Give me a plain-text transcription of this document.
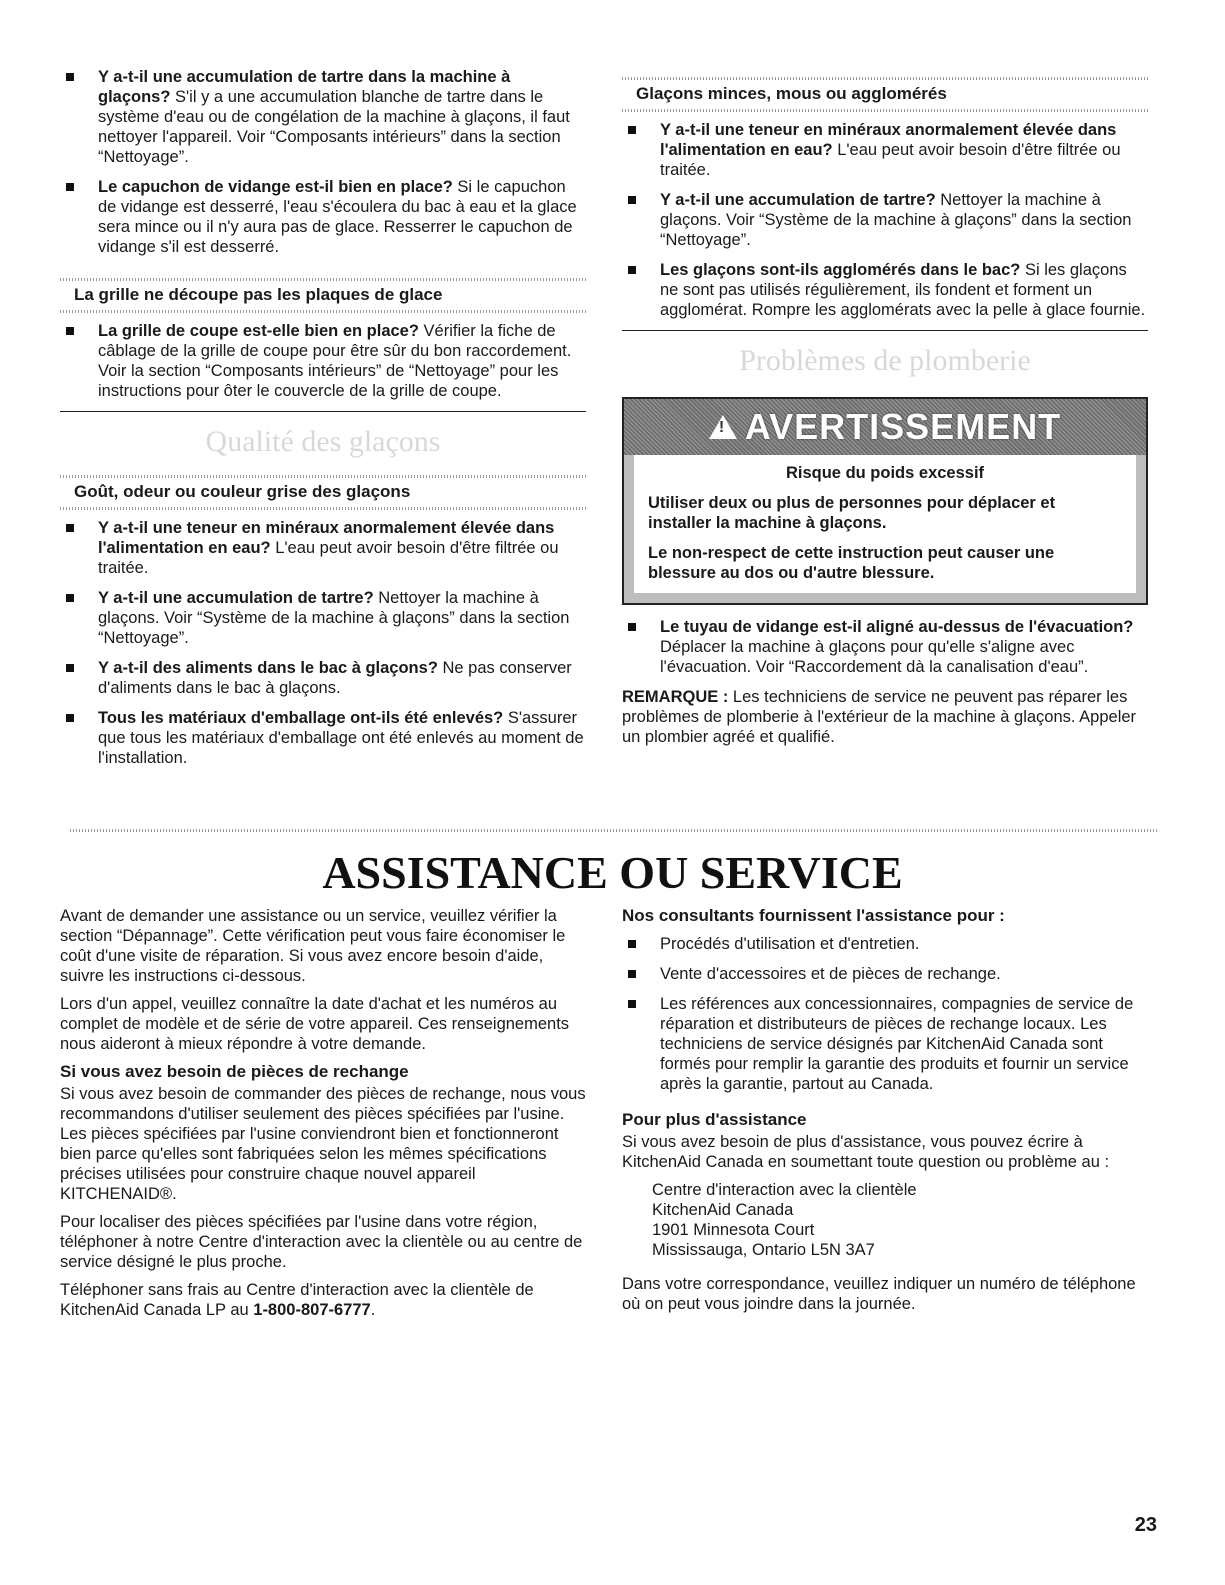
Y a-t-il une accumulation de tartre dans la machine à glaçons? S'il y a une accumulation blanche de tartre dans le système d'eau ou de congélation de la machine à glaçons, il faut nettoyer l'appareil. Voir “Composants intérieurs” dans la section “Nettoyage”.
Le capuchon de vidange est-il bien en place? Si le capuchon de vidange est desserré, l'eau s'écoulera du bac à eau et la glace sera mince ou il n'y aura pas de glace. Resserrer le capuchon de vidange s'il est desserré.
La grille ne découpe pas les plaques de glace
La grille de coupe est-elle bien en place? Vérifier la fiche de câblage de la grille de coupe pour être sûr du bon raccordement. Voir la section “Composants intérieurs” de “Nettoyage” pour les instructions pour ôter le couvercle de la grille de coupe.
Qualité des glaçons
Goût, odeur ou couleur grise des glaçons
Y a-t-il une teneur en minéraux anormalement élevée dans l'alimentation en eau? L'eau peut avoir besoin d'être filtrée ou traitée.
Y a-t-il une accumulation de tartre? Nettoyer la machine à glaçons. Voir “Système de la machine à glaçons” dans la section “Nettoyage”.
Y a-t-il des aliments dans le bac à glaçons? Ne pas conserver d'aliments dans le bac à glaçons.
Tous les matériaux d'emballage ont-ils été enlevés? S'assurer que tous les matériaux d'emballage ont été enlevés au moment de l'installation.
Glaçons minces, mous ou agglomérés
Y a-t-il une teneur en minéraux anormalement élevée dans l'alimentation en eau? L'eau peut avoir besoin d'être filtrée ou traitée.
Y a-t-il une accumulation de tartre? Nettoyer la machine à glaçons. Voir “Système de la machine à glaçons” dans la section “Nettoyage”.
Les glaçons sont-ils agglomérés dans le bac? Si les glaçons ne sont pas utilisés régulièrement, ils fondent et forment un agglomérat. Rompre les agglomérats avec la pelle à glace fournie.
Problèmes de plomberie
!
AVERTISSEMENT

Risque du poids excessif

Utiliser deux ou plus de personnes pour déplacer et installer la machine à glaçons.

Le non-respect de cette instruction peut causer une blessure au dos ou d'autre blessure.

Le tuyau de vidange est-il aligné au-dessus de l'évacuation? Déplacer la machine à glaçons pour qu'elle s'aligne avec l'évacuation. Voir “Raccordement dà la canalisation d'eau”.

REMARQUE : Les techniciens de service ne peuvent pas réparer les problèmes de plomberie à l'extérieur de la machine à glaçons. Appeler un plombier agréé et qualifié.

ASSISTANCE OU SERVICE

Avant de demander une assistance ou un service, veuillez vérifier la section “Dépannage”. Cette vérification peut vous faire économiser le coût d'une visite de réparation. Si vous avez encore besoin d'aide, suivre les instructions ci-dessous.

Lors d'un appel, veuillez connaître la date d'achat et les numéros au complet de modèle et de série de votre appareil. Ces renseignements nous aideront à mieux répondre à votre demande.

Si vous avez besoin de pièces de rechange

Si vous avez besoin de commander des pièces de rechange, nous vous recommandons d'utiliser seulement des pièces spécifiées par l'usine. Les pièces spécifiées par l'usine conviendront bien et fonctionneront bien parce qu'elles sont fabriquées selon les mêmes spécifications précises utilisées pour construire chaque nouvel appareil KITCHENAID®.

Pour localiser des pièces spécifiées par l'usine dans votre région, téléphoner à notre Centre d'interaction avec la clientèle ou au centre de service désigné le plus proche.

Téléphoner sans frais au Centre d'interaction avec la clientèle de KitchenAid Canada LP au 1-800-807-6777.

Nos consultants fournissent l'assistance pour :
Procédés d'utilisation et d'entretien.
Vente d'accessoires et de pièces de rechange.
Les références aux concessionnaires, compagnies de service de réparation et distributeurs de pièces de rechange locaux. Les techniciens de service désignés par KitchenAid Canada sont formés pour remplir la garantie des produits et fournir un service après la garantie, partout au Canada.
Pour plus d'assistance

Si vous avez besoin de plus d'assistance, vous pouvez écrire à KitchenAid Canada en soumettant toute question ou problème au :

Centre d'interaction avec la clientèle
KitchenAid Canada
1901 Minnesota Court
Mississauga, Ontario L5N 3A7

Dans votre correspondance, veuillez indiquer un numéro de téléphone où on peut vous joindre dans la journée.

23
